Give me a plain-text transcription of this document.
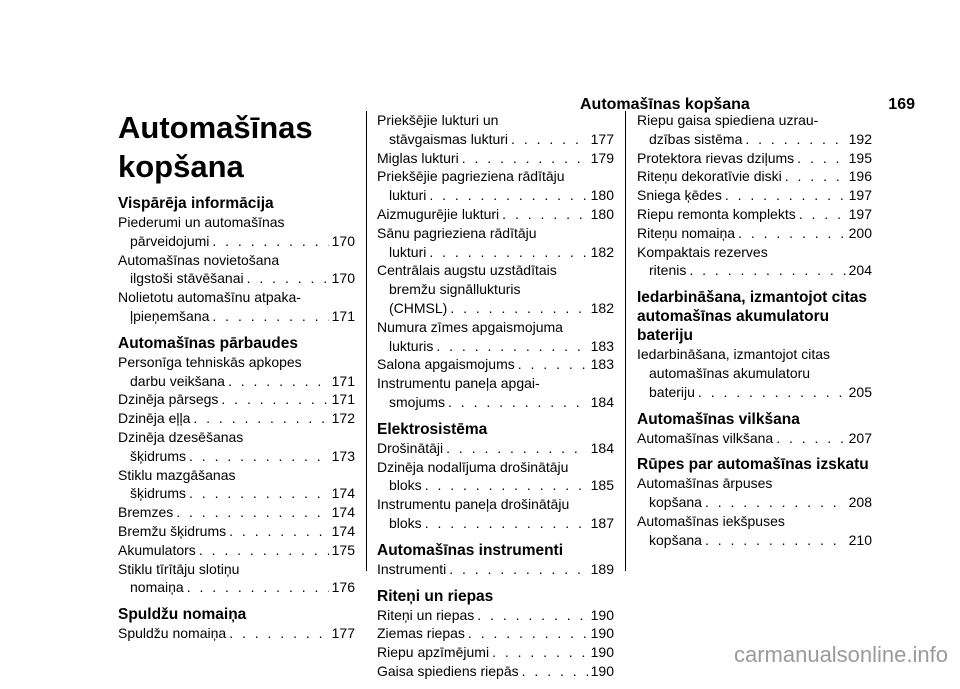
Automašīnas kopšana	169
Automašīnas kopšana
Vispārēja informācija
Piederumi un automašīnas
pārveidojumi . . .	170
Automašīnas novietošana
ilgstoši stāvēšanai . . .	170
Nolietotu automašīnu atpaka-
ļpieņemšana . . .	171
Automašīnas pārbaudes
Personīga tehniskās apkopes
darbu veikšana . . .	171
Dzinēja pārsegs . . .	171
Dzinēja eļļa . . .	172
Dzinēja dzesēšanas
šķidrums . . .	173
Stiklu mazgāšanas
šķidrums . . .	174
Bremzes . . .	174
Bremžu šķidrums . . .	174
Akumulators . . .	175
Stiklu tīrītāju slotiņu
nomaiņa . . .	176
Spuldžu nomaiņa
Spuldžu nomaiņa . . .	177
Priekšējie lukturi un
stāvgaismas lukturi . . .	177
Miglas lukturi . . .	179
Priekšējie pagrieziena rādītāju
lukturi . . .	180
Aizmugurējie lukturi . . .	180
Sānu pagrieziena rādītāju
lukturi . . .	182
Centrālais augstu uzstādītais
bremžu signāllukturis
(CHMSL) . . .	182
Numura zīmes apgaismojuma
lukturis . . .	183
Salona apgaismojums . . .	183
Instrumentu paneļa apgai-
smojums . . .	184
Elektrosistēma
Drošinātāji . . .	184
Dzinēja nodalījuma drošinātāju
bloks . . .	185
Instrumentu paneļa drošinātāju
bloks . . .	187
Automašīnas instrumenti
Instrumenti . . .	189
Riteņi un riepas
Riteņi un riepas . . .	190
Ziemas riepas . . .	190
Riepu apzīmējumi . . .	190
Gaisa spiediens riepās . . .	190
Riepu gaisa spiediena uzrau-
dzības sistēma . . .	192
Protektora rievas dziļums . . .	195
Riteņu dekoratīvie diski . . .	196
Sniega ķēdes . . .	197
Riepu remonta komplekts . . .	197
Riteņu nomaiņa . . .	200
Kompaktais rezerves
ritenis . . .	204
Iedarbināšana, izmantojot citas automašīnas akumulatoru bateriju
Iedarbināšana, izmantojot citas
automašīnas akumulatoru
bateriju . . .	205
Automašīnas vilkšana
Automašīnas vilkšana . . .	207
Rūpes par automašīnas izskatu
Automašīnas ārpuses
kopšana . . .	208
Automašīnas iekšpuses
kopšana . . .	210
carmanualsonline.info
